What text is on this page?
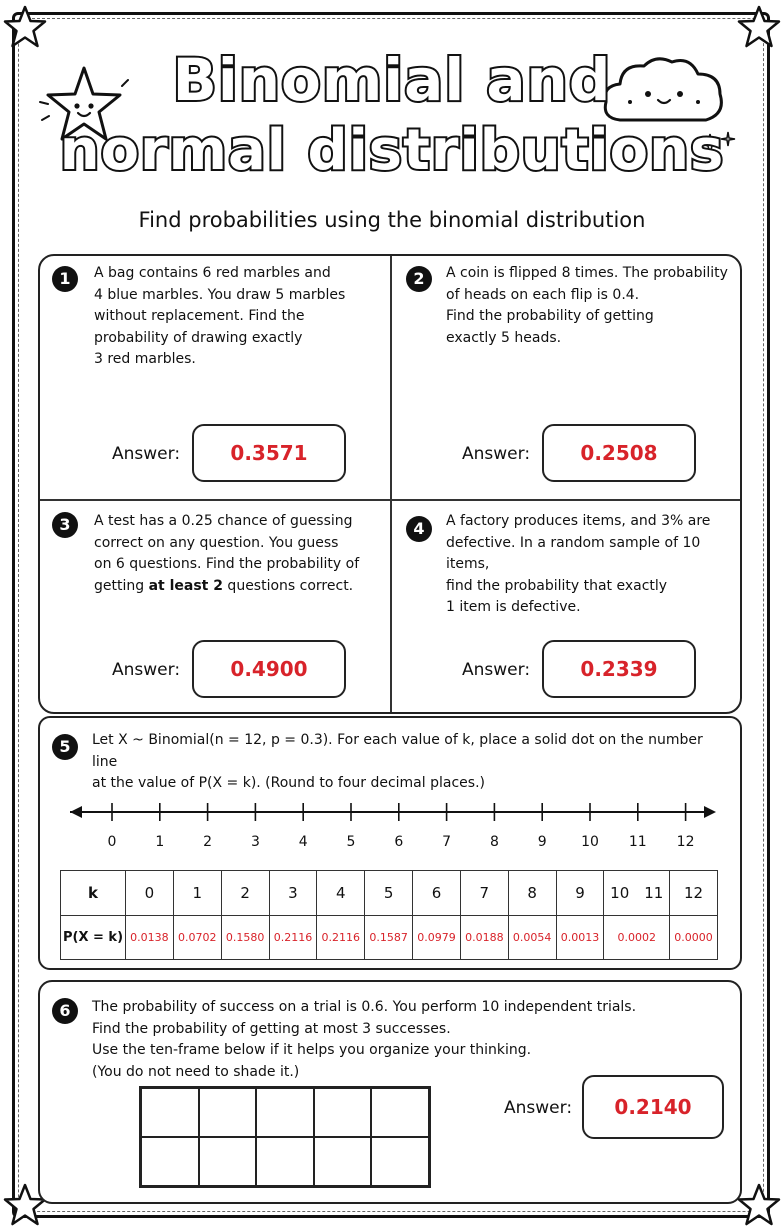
Binomial and
normal distributions
Find probabilities using the binomial distribution
1	A bag contains 6 red marbles and
4 blue marbles. You draw 5 marbles
without replacement. Find the
probability of drawing exactly
3 red marbles.
Answer:	0.3571
2	A coin is flipped 8 times. The probability
of heads on each flip is 0.4.
Find the probability of getting
exactly 5 heads.
Answer:	0.2508
3	A test has a 0.25 chance of guessing
correct on any question. You guess
on 6 questions. Find the probability of
getting at least 2 questions correct.
Answer:	0.4900
4	A factory produces items, and 3% are
defective. In a random sample of 10 items,
find the probability that exactly
1 item is defective.
Answer:	0.2339
5	Let X ~ Binomial(n = 12, p = 0.3). For each value of k, place a solid dot on the number line
at the value of P(X = k). (Round to four decimal places.)
0	1	2	3	4	5	6	7	8	9 10 11 12
k	0	1	2	3	4	5	6	7	8	9	10 11	12
P(X = k)	0.0138	0.0702	0.1580	0.2116	0.2116	0.1587	0.0979	0.0188	0.0054	0.0013	0.0002	0.0000
6	The probability of success on a trial is 0.6. You perform 10 independent trials.
Find the probability of getting at most 3 successes.
Use the ten-frame below if it helps you organize your thinking.
(You do not need to shade it.)
Answer:	0.2140
